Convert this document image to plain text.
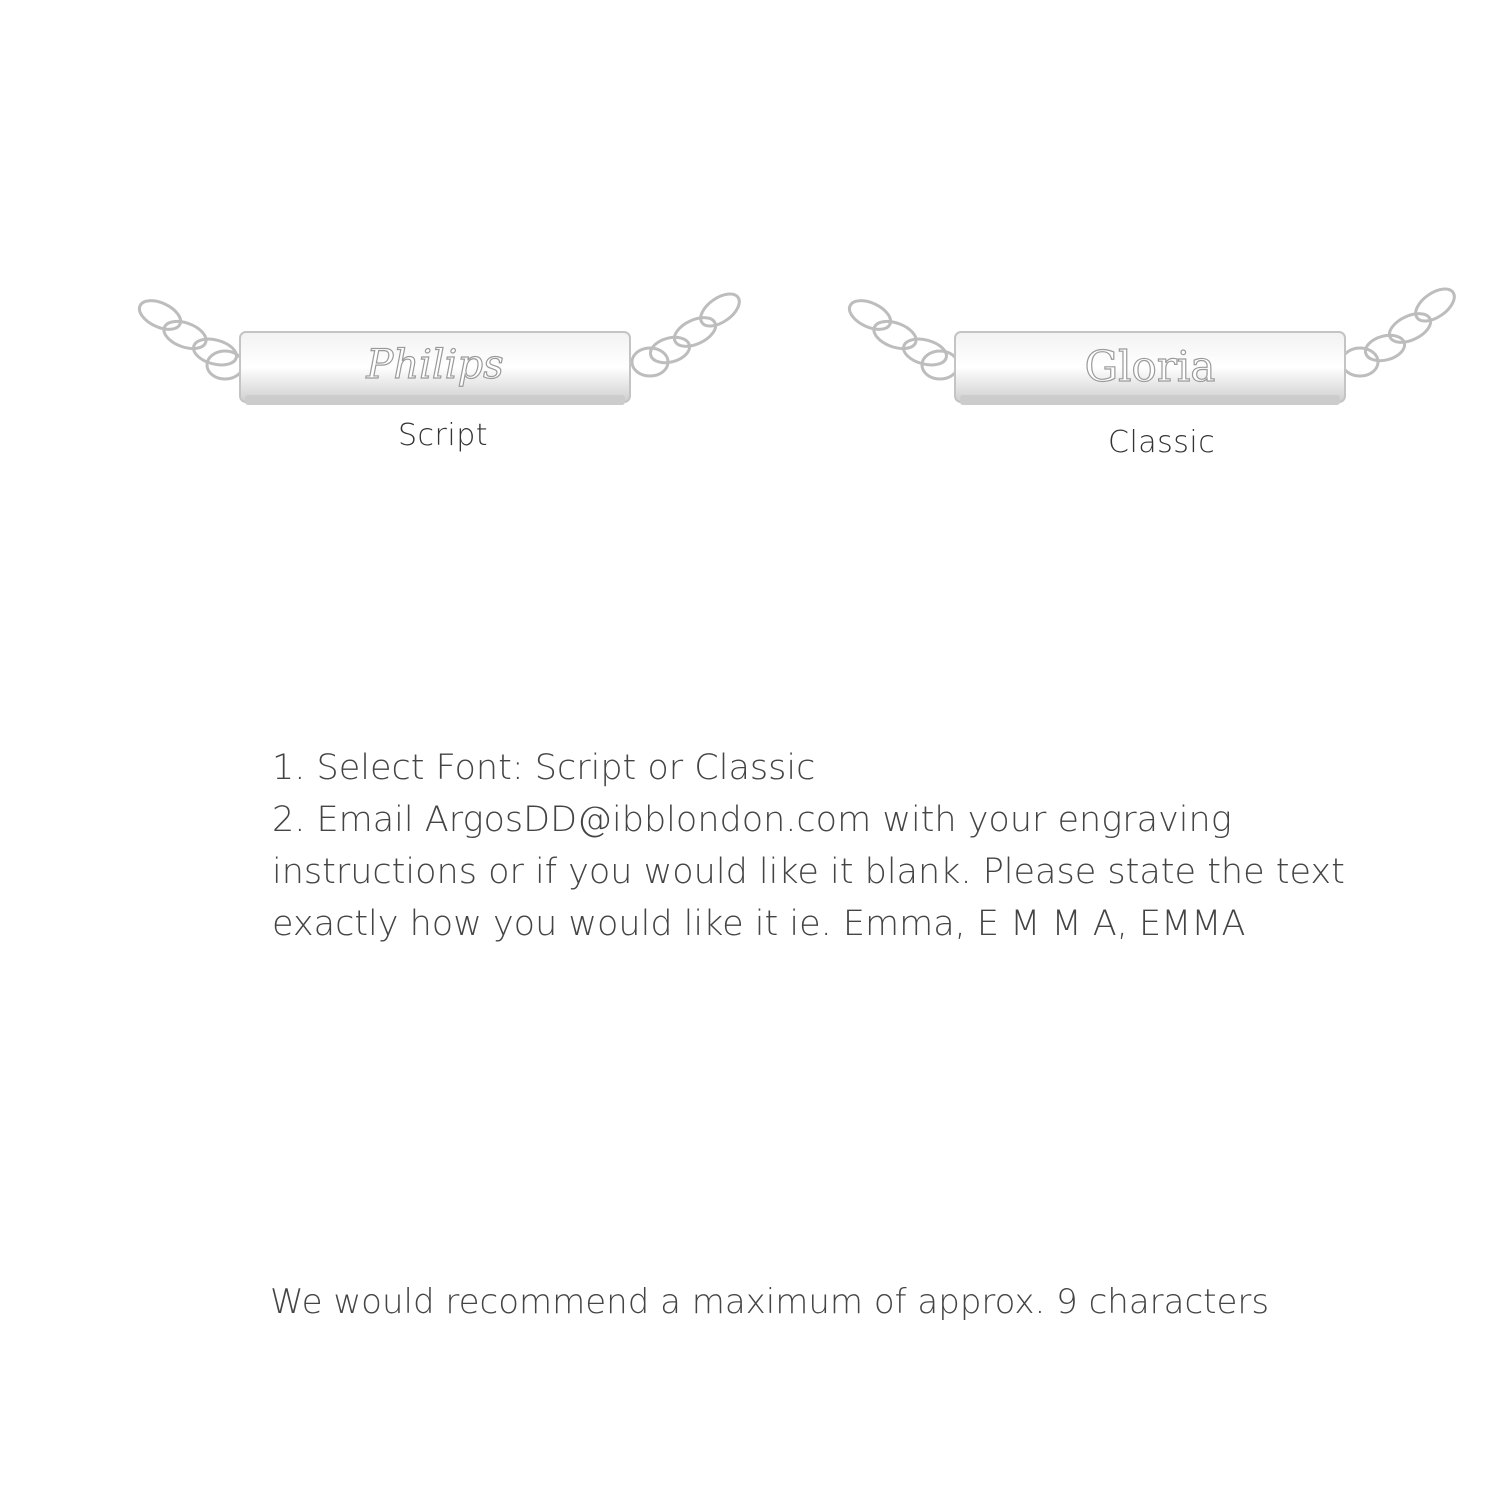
Philips
Script
Gloria
Classic

1. Select Font: Script or Classic

2. Email ArgosDD@ibblondon.com with your engraving instructions or if you would like it blank. Please state the text exactly how you would like it ie. Emma, E M M A, EMMA

We would recommend a maximum of approx. 9 characters
